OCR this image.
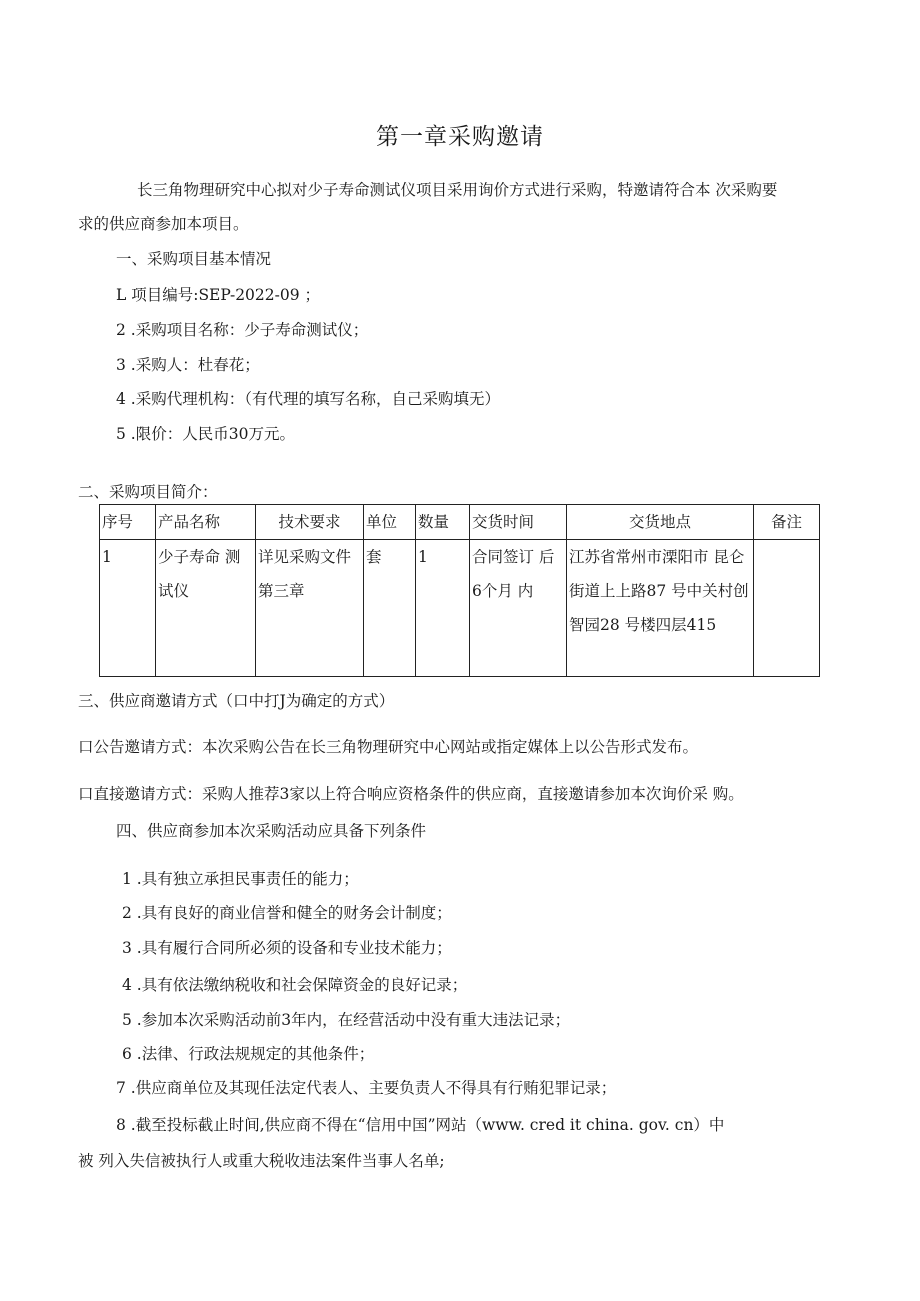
第一章采购邀请

长三角物理研究中心拟对少子寿命测试仪项目采用询价方式进行采购，特邀请符合本 次采购要

求的供应商参加本项目。

一、采购项目基本情况

L 项目编号:SEP-2022-09 ；

2 .采购项目名称：少子寿命测试仪；

3 .采购人：杜春花；

4 .采购代理机构：（有代理的填写名称，自己采购填无）

5 .限价：人民币30万元。

二、采购项目简介：

序号	产品名称	技术要求	单位	数量	交货时间	交货地点	备注
1	少子寿命 测试仪	详见采购文件第三章	套	1	合同签订 后6个月 内	江苏省常州市溧阳市 昆仑街道上上路87 号中关村创智园28 号楼四层415	

三、供应商邀请方式（口中打J为确定的方式）

口公告邀请方式：本次采购公告在长三角物理研究中心网站或指定媒体上以公告形式发布。

口直接邀请方式：采购人推荐3家以上符合响应资格条件的供应商，直接邀请参加本次询价采 购。

四、供应商参加本次采购活动应具备下列条件

1 .具有独立承担民事责任的能力；

2 .具有良好的商业信誉和健全的财务会计制度；

3 .具有履行合同所必须的设备和专业技术能力；

4 .具有依法缴纳税收和社会保障资金的良好记录；

5 .参加本次采购活动前3年内，在经营活动中没有重大违法记录；

6 .法律、行政法规规定的其他条件；

7 .供应商单位及其现任法定代表人、主要负责人不得具有行贿犯罪记录；

8 .截至投标截止时间,供应商不得在“信用中国”网站（www. cred it china. gov. cn）中

被 列入失信被执行人或重大税收违法案件当事人名单;
